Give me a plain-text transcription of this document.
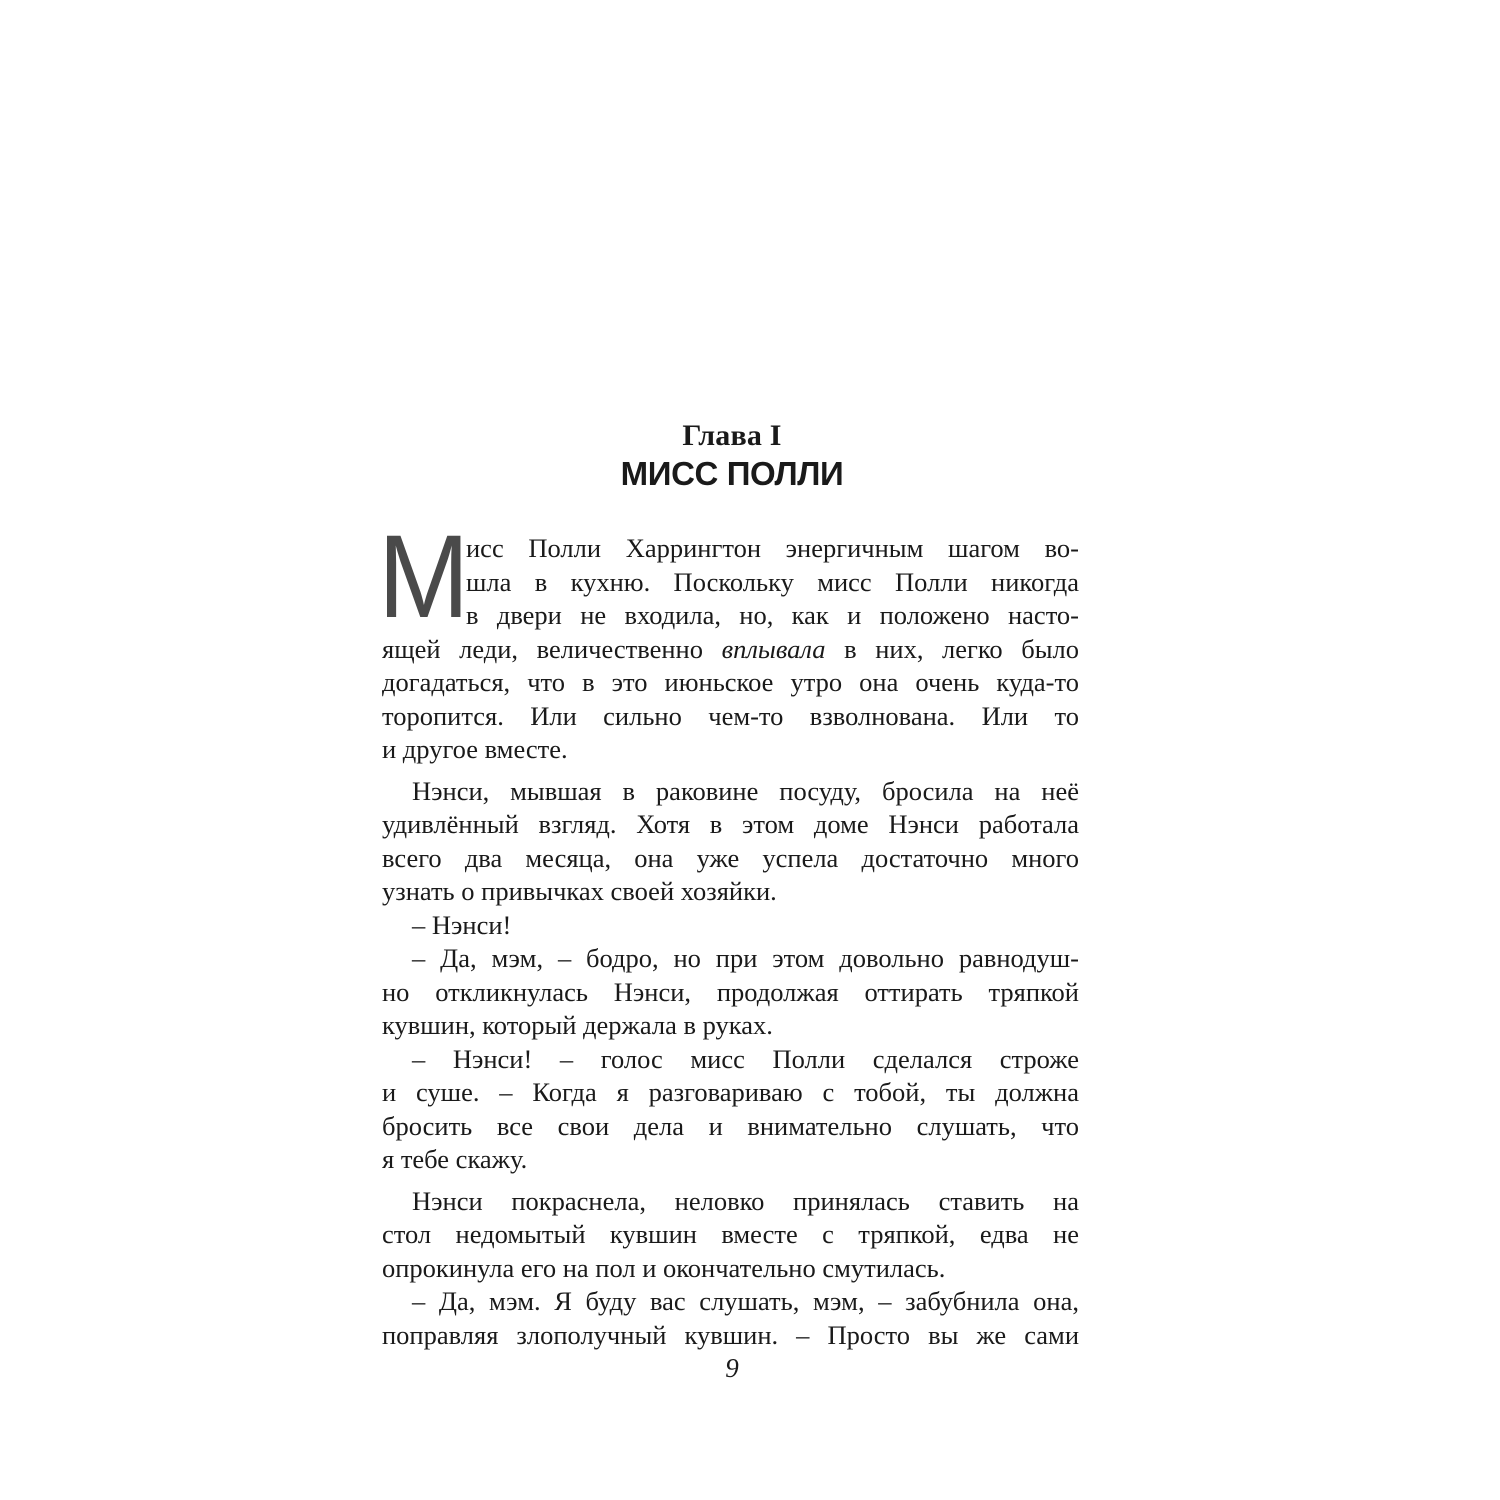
Глава I
МИСС ПОЛЛИ
М исс Полли Харрингтон энергичным шагом во-
шла в кухню. Поскольку мисс Полли никогда
в двери не входила, но, как и положено насто-
ящей леди, величественно вплывала в них, легко было
догадаться, что в это июньское утро она очень куда-то
торопится. Или сильно чем-то взволнована. Или то
и другое вместе.
Нэнси, мывшая в раковине посуду, бросила на неё
удивлённый взгляд. Хотя в этом доме Нэнси работала
всего два месяца, она уже успела достаточно много
узнать о привычках своей хозяйки.
– Нэнси!
– Да, мэм, – бодро, но при этом довольно равнодуш-
но откликнулась Нэнси, продолжая оттирать тряпкой
кувшин, который держала в руках.
– Нэнси! – голос мисс Полли сделался строже
и суше. – Когда я разговариваю с тобой, ты должна
бросить все свои дела и внимательно слушать, что
я тебе скажу.
Нэнси покраснела, неловко принялась ставить на
стол недомытый кувшин вместе с тряпкой, едва не
опрокинула его на пол и окончательно смутилась.
– Да, мэм. Я буду вас слушать, мэм, – забубнила она,
поправляя злополучный кувшин. – Просто вы же сами
9
